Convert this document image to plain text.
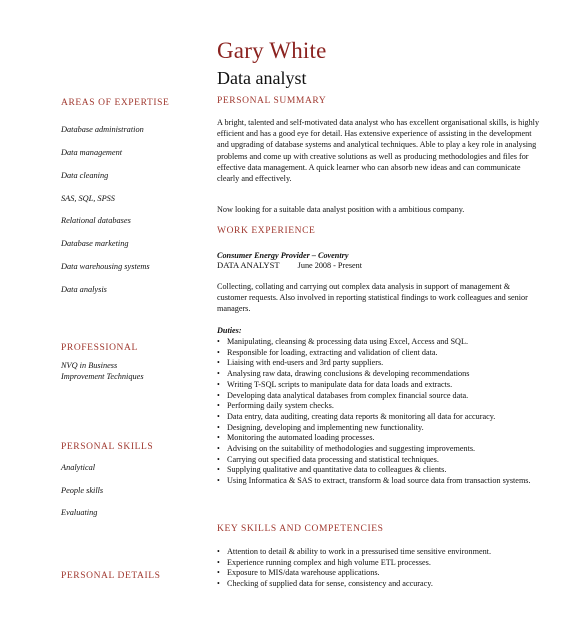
Gary White
Data analyst
AREAS OF EXPERTISE
Database administration
Data management
Data cleaning
SAS, SQL, SPSS
Relational databases
Database marketing
Data warehousing systems
Data analysis
PROFESSIONAL
NVQ in Business
Improvement Techniques
PERSONAL SKILLS
Analytical
People skills
Evaluating
PERSONAL DETAILS
PERSONAL SUMMARY
A bright, talented and self-motivated data analyst who has excellent organisational skills, is highly efficient and has a good eye for detail. Has extensive experience of assisting in the development and upgrading of database systems and analytical techniques. Able to play a key role in analysing problems and come up with creative solutions as well as producing methodologies and files for effective data management. A quick learner who can absorb new ideas and can communicate clearly and effectively.
Now looking for a suitable data analyst position with a ambitious company.
WORK EXPERIENCE
Consumer Energy Provider – Coventry
DATA ANALYST June 2008 - Present
Collecting, collating and carrying out complex data analysis in support of management & customer requests. Also involved in reporting statistical findings to work colleagues and senior managers.
Duties:
• Manipulating, cleansing & processing data using Excel, Access and SQL.
• Responsible for loading, extracting and validation of client data.
• Liaising with end-users and 3rd party suppliers.
• Analysing raw data, drawing conclusions & developing recommendations
• Writing T-SQL scripts to manipulate data for data loads and extracts.
• Developing data analytical databases from complex financial source data.
• Performing daily system checks.
• Data entry, data auditing, creating data reports & monitoring all data for accuracy.
• Designing, developing and implementing new functionality.
• Monitoring the automated loading processes.
• Advising on the suitability of methodologies and suggesting improvements.
• Carrying out specified data processing and statistical techniques.
• Supplying qualitative and quantitative data to colleagues & clients.
• Using Informatica & SAS to extract, transform & load source data from transaction systems.
KEY SKILLS AND COMPETENCIES
• Attention to detail & ability to work in a pressurised time sensitive environment.
• Experience running complex and high volume ETL processes.
• Exposure to MIS/data warehouse applications.
• Checking of supplied data for sense, consistency and accuracy.
